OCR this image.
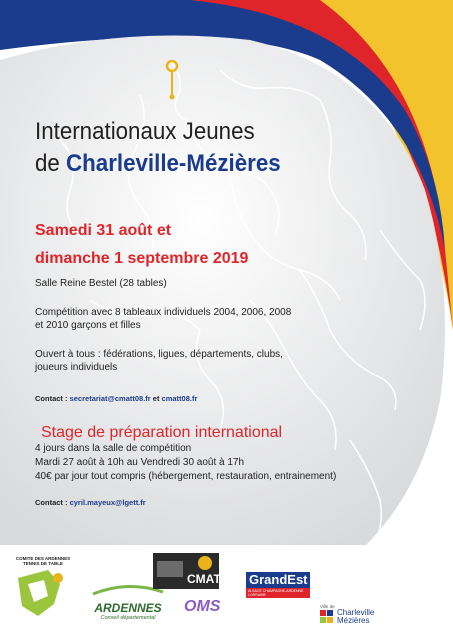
Internationaux Jeunes
de Charleville-Mézières
Samedi 31 août et
dimanche 1 septembre 2019
Salle Reine Bestel (28 tables)
Compétition avec 8 tableaux individuels 2004, 2006, 2008
et 2010 garçons et filles
Ouvert à tous : fédérations, ligues, départements, clubs,
joueurs individuels
Contact : secretariat@cmatt08.fr et cmatt08.fr
Stage de préparation international
4 jours dans la salle de compétition
Mardi 27 août à 10h au Vendredi 30 août à 17h
40€ par jour tout compris (hébergement, restauration, entrainement)
Contact : cyril.mayeux@lgett.fr
COMITE DES ARDENNES
TENNIS DE TABLE
ARDENNES
Conseil départemental
CMATT
OMS
GrandEst
ALSACE CHAMPAGNE-ARDENNE LORRAINE
Ville de
Charleville
Mézières
